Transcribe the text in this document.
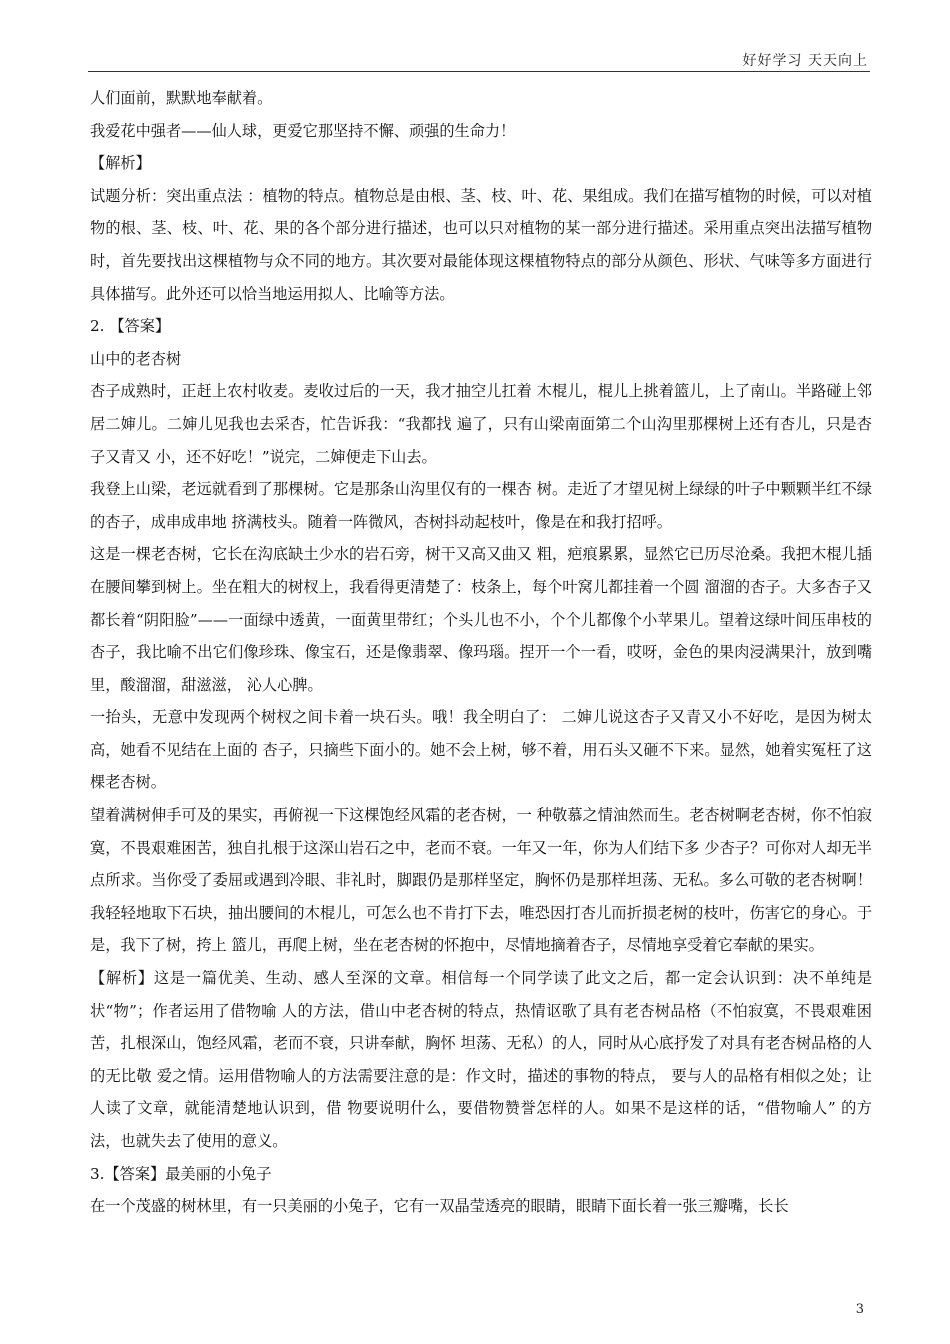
好好学习 天天向上

人们面前，默默地奉献着。

我爱花中强者——仙人球，更爱它那坚持不懈、顽强的生命力！

【解析】

试题分析：突出重点法 ：植物的特点。植物总是由根、茎、枝、叶、花、果组成。我们在描写植物的时候，可以对植物的根、茎、枝、叶、花、果的各个部分进行描述，也可以只对植物的某一部分进行描述。采用重点突出法描写植物时，首先要找出这棵植物与众不同的地方。其次要对最能体现这棵植物特点的部分从颜色、形状、气味等多方面进行具体描写。此外还可以恰当地运用拟人、比喻等方法。

2. 【答案】

山中的老杏树

杏子成熟时，正赶上农村收麦。麦收过后的一天，我才抽空儿扛着 木棍儿，棍儿上挑着篮儿，上了南山。半路碰上邻居二婶儿。二婶儿见我也去采杏，忙告诉我：“我都找 遍了，只有山梁南面第二个山沟里那棵树上还有杏儿，只是杏子又青又 小，还不好吃！”说完，二婶便走下山去。

我登上山梁，老远就看到了那棵树。它是那条山沟里仅有的一棵杏 树。走近了才望见树上绿绿的叶子中颗颗半红不绿的杏子，成串成串地 挤满枝头。随着一阵微风，杏树抖动起枝叶，像是在和我打招呼。

这是一棵老杏树，它长在沟底缺土少水的岩石旁，树干又高又曲又 粗，疤痕累累，显然它已历尽沧桑。我把木棍儿插在腰间攀到树上。坐在粗大的树杈上，我看得更清楚了：枝条上，每个叶窝儿都挂着一个圆 溜溜的杏子。大多杏子又都长着“阴阳脸”——一面绿中透黄，一面黄里带红；个头儿也不小，个个儿都像个小苹果儿。望着这绿叶间压串枝的杏子，我比喻不出它们像珍珠、像宝石，还是像翡翠、像玛瑙。捏开一个一看，哎呀，金色的果肉浸满果汁，放到嘴里，酸溜溜，甜滋滋， 沁人心脾。

一抬头，无意中发现两个树杈之间卡着一块石头。哦！我全明白了： 二婶儿说这杏子又青又小不好吃，是因为树太高，她看不见结在上面的 杏子，只摘些下面小的。她不会上树，够不着，用石头又砸不下来。显然，她着实冤枉了这棵老杏树。

望着满树伸手可及的果实，再俯视一下这棵饱经风霜的老杏树，一 种敬慕之情油然而生。老杏树啊老杏树，你不怕寂寞，不畏艰难困苦，独自扎根于这深山岩石之中，老而不衰。一年又一年，你为人们结下多 少杏子？可你对人却无半点所求。当你受了委屈或遇到冷眼、非礼时，脚跟仍是那样坚定，胸怀仍是那样坦荡、无私。多么可敬的老杏树啊！ 我轻轻地取下石块，抽出腰间的木棍儿，可怎么也不肯打下去，唯恐因打杏儿而折损老树的枝叶，伤害它的身心。于是，我下了树，挎上 篮儿，再爬上树，坐在老杏树的怀抱中，尽情地摘着杏子，尽情地享受着它奉献的果实。

【解析】这是一篇优美、生动、感人至深的文章。相信每一个同学读了此文之后，都一定会认识到：决不单纯是状“物”；作者运用了借物喻 人的方法，借山中老杏树的特点，热情讴歌了具有老杏树品格（不怕寂寞，不畏艰难困苦，扎根深山，饱经风霜，老而不衰，只讲奉献，胸怀 坦荡、无私）的人，同时从心底抒发了对具有老杏树品格的人的无比敬 爱之情。运用借物喻人的方法需要注意的是：作文时，描述的事物的特点， 要与人的品格有相似之处；让人读了文章，就能清楚地认识到，借 物要说明什么，要借物赞誉怎样的人。如果不是这样的话，“借物喻人” 的方法，也就失去了使用的意义。

3.【答案】最美丽的小兔子

在一个茂盛的树林里，有一只美丽的小兔子，它有一双晶莹透亮的眼睛，眼睛下面长着一张三瓣嘴，长长

3
